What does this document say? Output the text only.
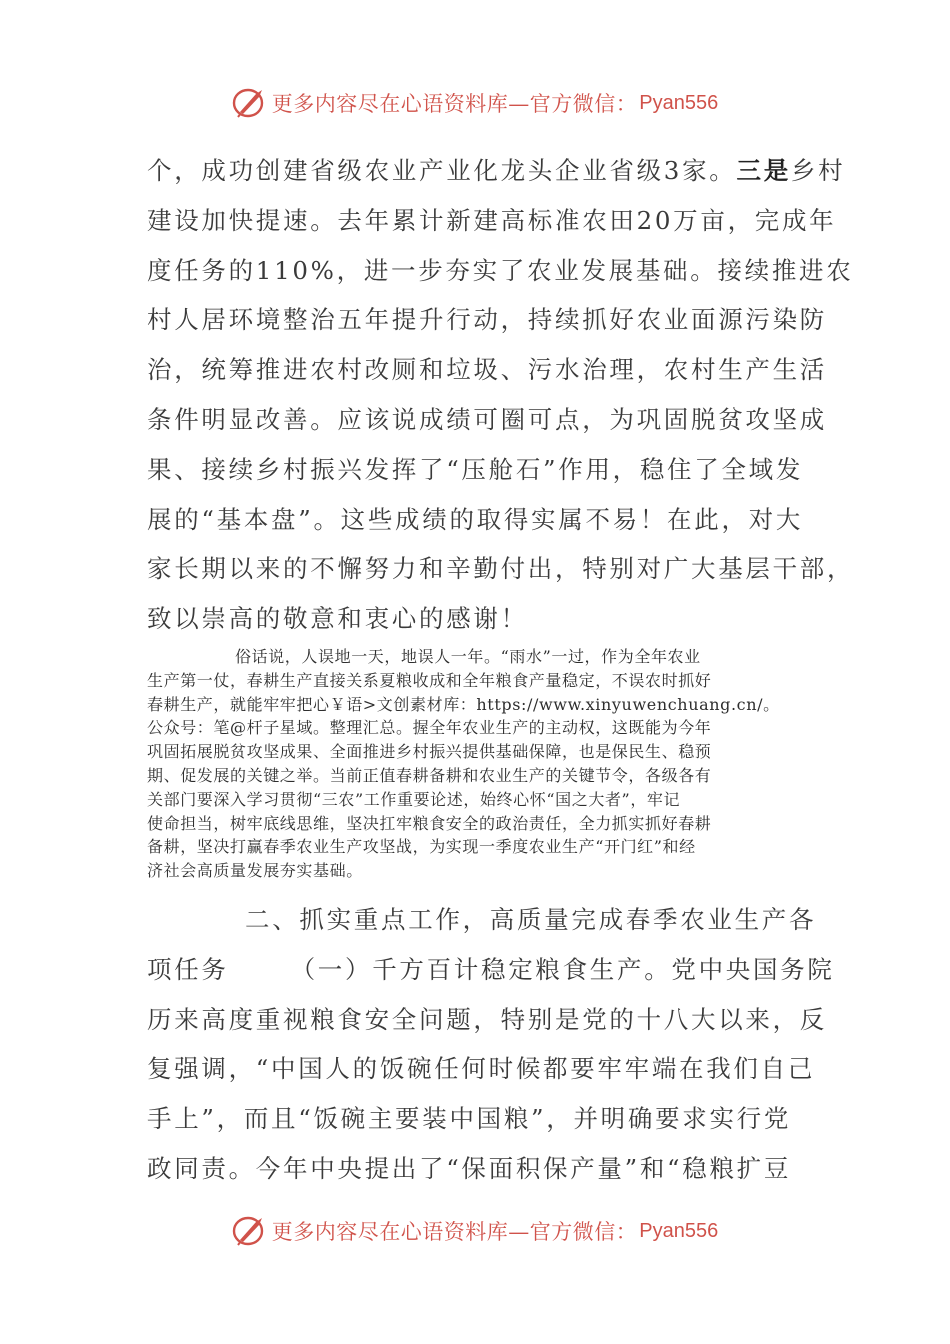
更多内容尽在心语资料库—官方微信： Pyan556
个，成功创建省级农业产业化龙头企业省级3家。三是乡村
建设加快提速。去年累计新建高标准农田20万亩，完成年
度任务的110%，进一步夯实了农业发展基础。接续推进农
村人居环境整治五年提升行动，持续抓好农业面源污染防
治，统筹推进农村改厕和垃圾、污水治理，农村生产生活
条件明显改善。应该说成绩可圈可点，为巩固脱贫攻坚成
果、接续乡村振兴发挥了“压舱石”作用，稳住了全域发
展的“基本盘”。这些成绩的取得实属不易！在此，对大
家长期以来的不懈努力和辛勤付出，特别对广大基层干部，
致以崇高的敬意和衷心的感谢！
俗话说，人误地一天，地误人一年。“雨水”一过，作为全年农业
生产第一仗，春耕生产直接关系夏粮收成和全年粮食产量稳定，不误农时抓好
春耕生产，就能牢牢把心￥语>文创素材库：https://www.xinyuwenchuang.cn/。
公众号：笔@杆子星域。整理汇总。握全年农业生产的主动权，这既能为今年
巩固拓展脱贫攻坚成果、全面推进乡村振兴提供基础保障，也是保民生、稳预
期、促发展的关键之举。当前正值春耕备耕和农业生产的关键节令，各级各有
关部门要深入学习贯彻“三农”工作重要论述，始终心怀“国之大者”，牢记
使命担当，树牢底线思维，坚决扛牢粮食安全的政治责任，全力抓实抓好春耕
备耕，坚决打赢春季农业生产攻坚战，为实现一季度农业生产“开门红”和经
济社会高质量发展夯实基础。
二、抓实重点工作，高质量完成春季农业生产各
项任务	（一）千方百计稳定粮食生产。党中央国务院
历来高度重视粮食安全问题，特别是党的十八大以来，反
复强调，“中国人的饭碗任何时候都要牢牢端在我们自己
手上”，而且“饭碗主要装中国粮”，并明确要求实行党
政同责。今年中央提出了“保面积保产量”和“稳粮扩豆
更多内容尽在心语资料库—官方微信： Pyan556
